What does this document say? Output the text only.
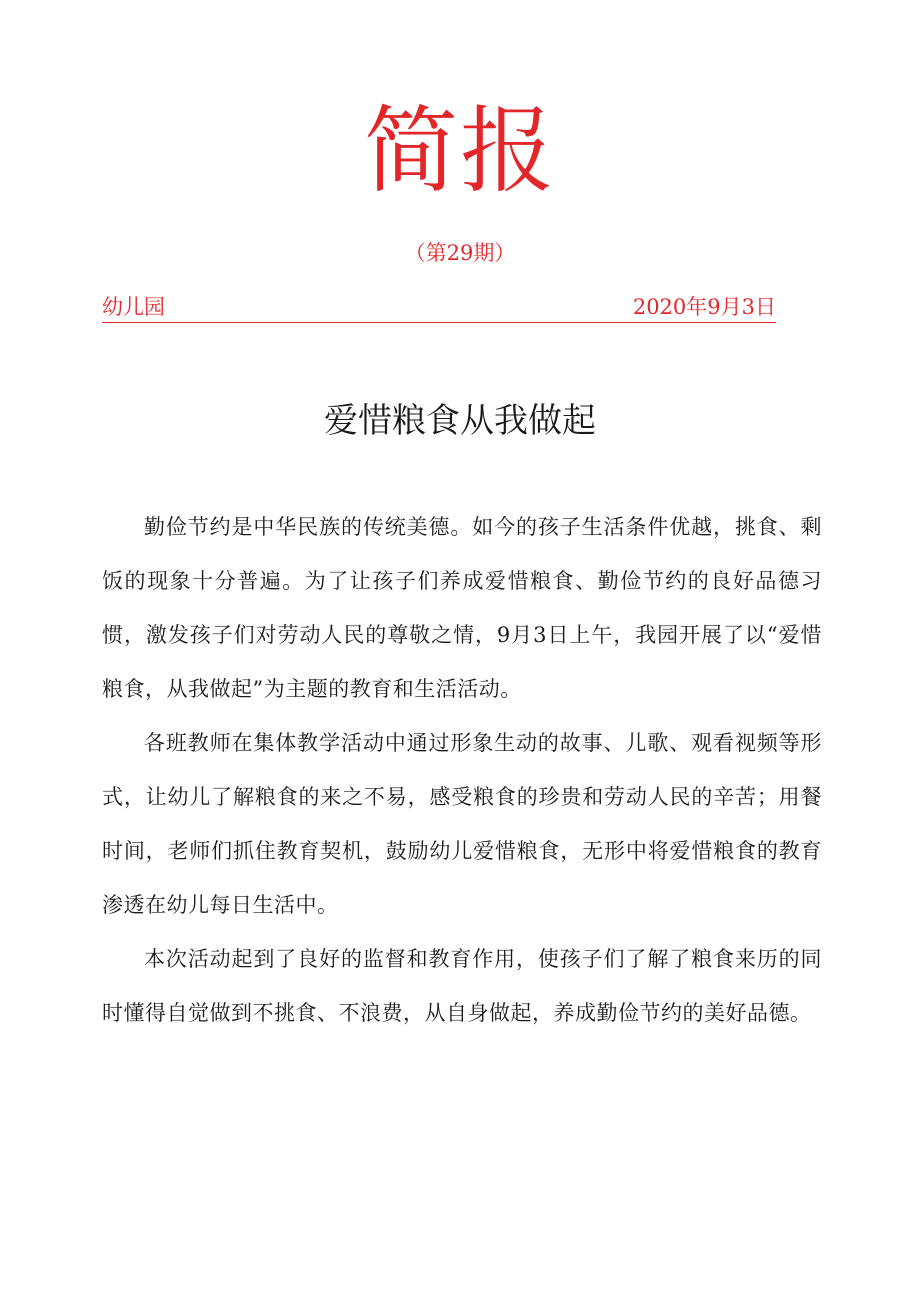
简报
（第29期）
幼儿园	2020年9月3日
爱惜粮食从我做起

勤俭节约是中华民族的传统美德。如今的孩子生活条件优越，挑食、剩饭的现象十分普遍。为了让孩子们养成爱惜粮食、勤俭节约的良好品德习惯，激发孩子们对劳动人民的尊敬之情，9月3日上午，我园开展了以“爱惜粮食，从我做起”为主题的教育和生活活动。

各班教师在集体教学活动中通过形象生动的故事、儿歌、观看视频等形式，让幼儿了解粮食的来之不易，感受粮食的珍贵和劳动人民的辛苦；用餐时间，老师们抓住教育契机，鼓励幼儿爱惜粮食，无形中将爱惜粮食的教育渗透在幼儿每日生活中。

本次活动起到了良好的监督和教育作用，使孩子们了解了粮食来历的同时懂得自觉做到不挑食、不浪费，从自身做起，养成勤俭节约的美好品德。
